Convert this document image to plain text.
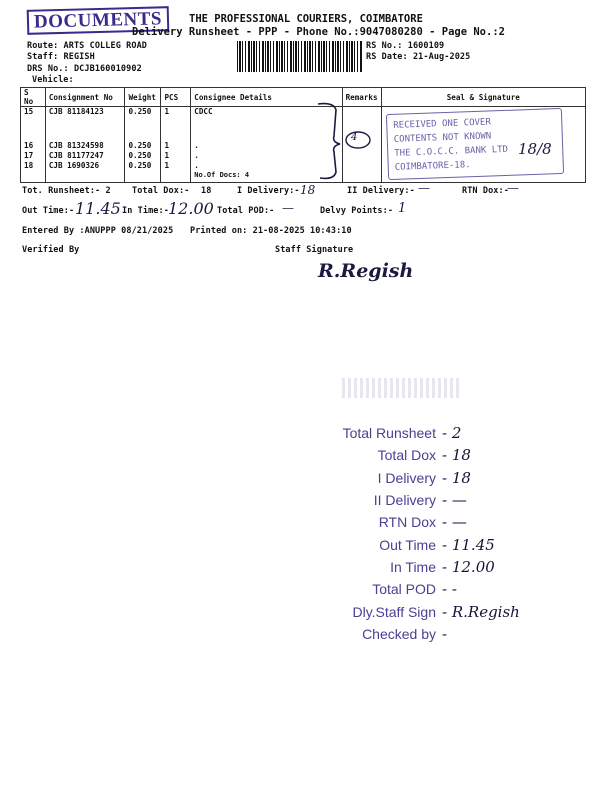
DOCUMENTS	THE PROFESSIONAL COURIERS, COIMBATORE
Delivery Runsheet - PPP - Phone No.:9047080280 - Page No.:2
Route: ARTS COLLEG ROAD
Staff: REGISH
DRS No.: DCJB160010902
Vehicle:
RS No.: 1600109
RS Date: 21-Aug-2025
S No	Consignment No	Weight	PCS	Consignee Details	Remarks	Seal & Signature
15	CJB 81184123	0.250	1	CDCC		
16	CJB 81324598	0.250	1	.		
17	CJB 81177247	0.250	1	.		
18	CJB 1690326	0.250	1	.		
				No.Of Docs: 4		
4
RECEIVED ONE COVER
CONTENTS NOT KNOWN
THE C.O.C.C. BANK LTD
COIMBATORE-18.
18/8
Tot. Runsheet:- 2	Total Dox:- 18	I Delivery:- 18	II Delivery:- —	RTN Dox:-
—
Out Time:- 11.45 In Time:- 12.00 Total POD:- —	Delvy Points:- 1
Entered By :ANUPPP 08/21/2025 Printed on: 21-08-2025 10:43:10
Verified By	Staff Signature
R.Regish
Total Runsheet - 2
Total Dox - 18
I Delivery - 18
II Delivery - —
RTN Dox - —
Out Time - 11.45
In Time - 12.00
Total POD - -
Dly.Staff Sign - R.Regish
Checked by -
